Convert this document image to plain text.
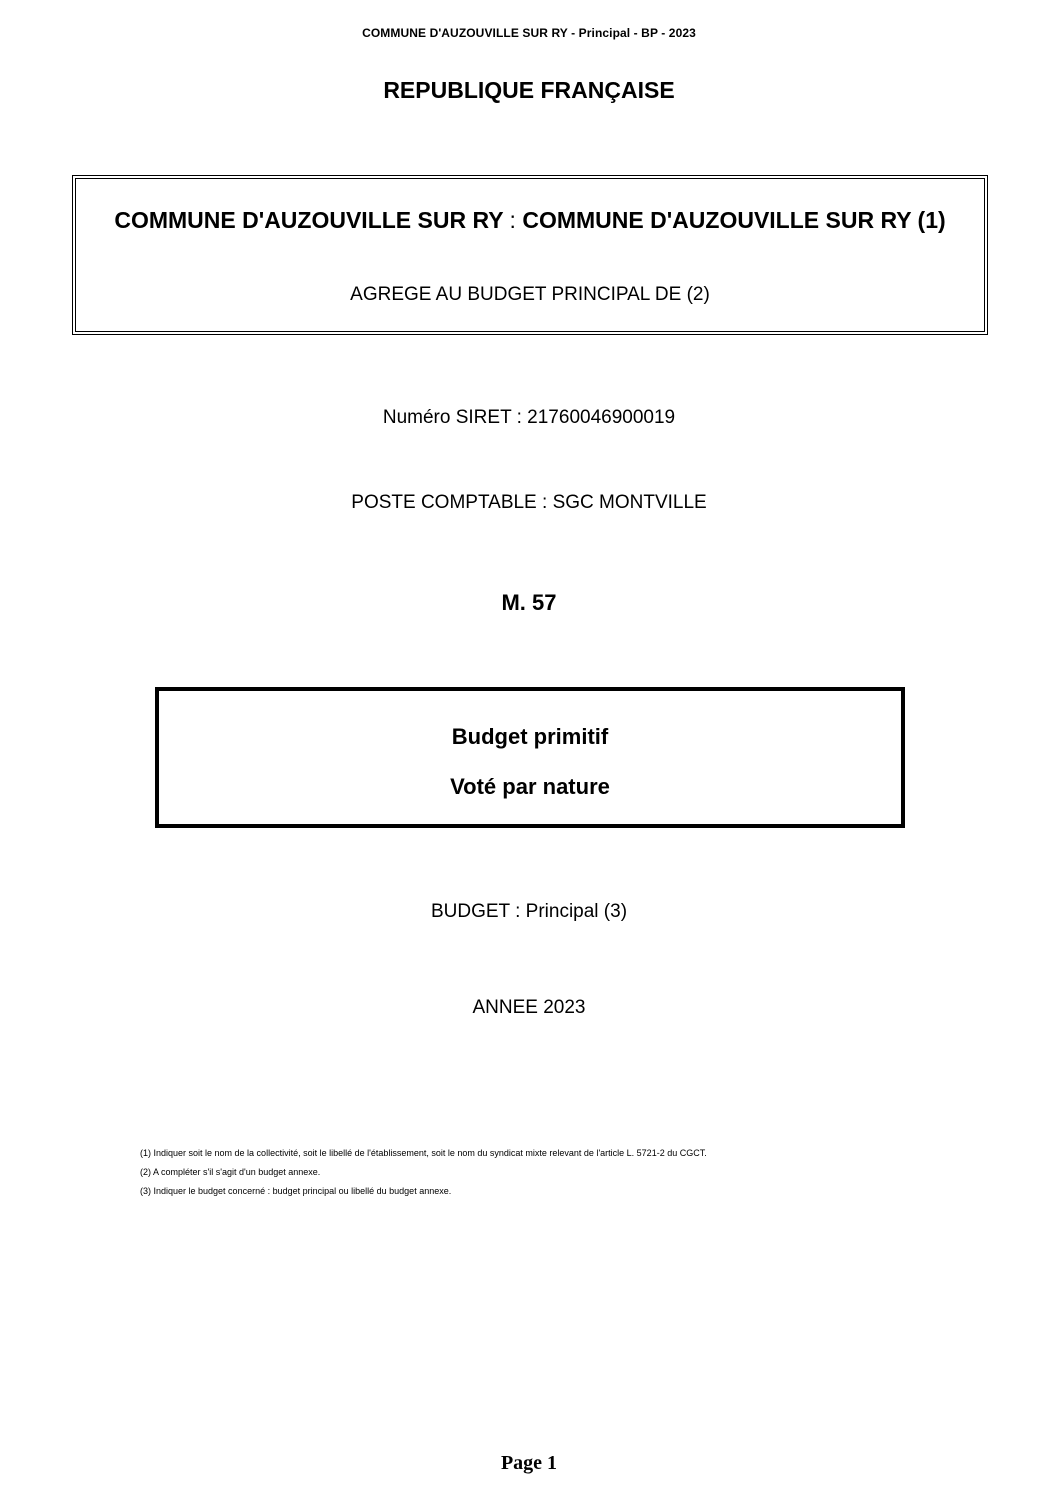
COMMUNE D'AUZOUVILLE SUR RY - Principal - BP - 2023
REPUBLIQUE FRANÇAISE
COMMUNE D'AUZOUVILLE SUR RY : COMMUNE D'AUZOUVILLE SUR RY (1)
AGREGE AU BUDGET PRINCIPAL DE (2)
Numéro SIRET : 21760046900019
POSTE COMPTABLE : SGC MONTVILLE
M. 57
Budget primitif
Voté par nature
BUDGET : Principal (3)
ANNEE 2023
(1) Indiquer soit le nom de la collectivité, soit le libellé de l'établissement, soit le nom du syndicat mixte relevant de l'article L. 5721-2 du CGCT.
(2) A compléter s'il s'agit d'un budget annexe.
(3) Indiquer le budget concerné : budget principal ou libellé du budget annexe.
Page 1
